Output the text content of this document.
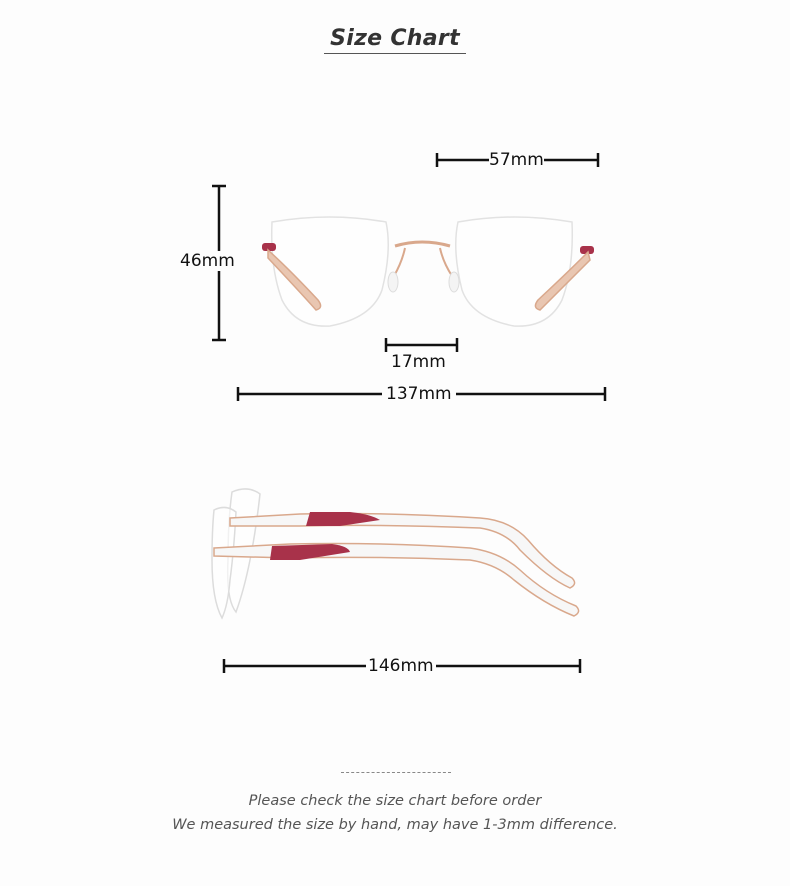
Size Chart
57mm
46mm
17mm
137mm
146mm
Please check the size chart before order
We measured the size by hand, may have 1-3mm difference.
